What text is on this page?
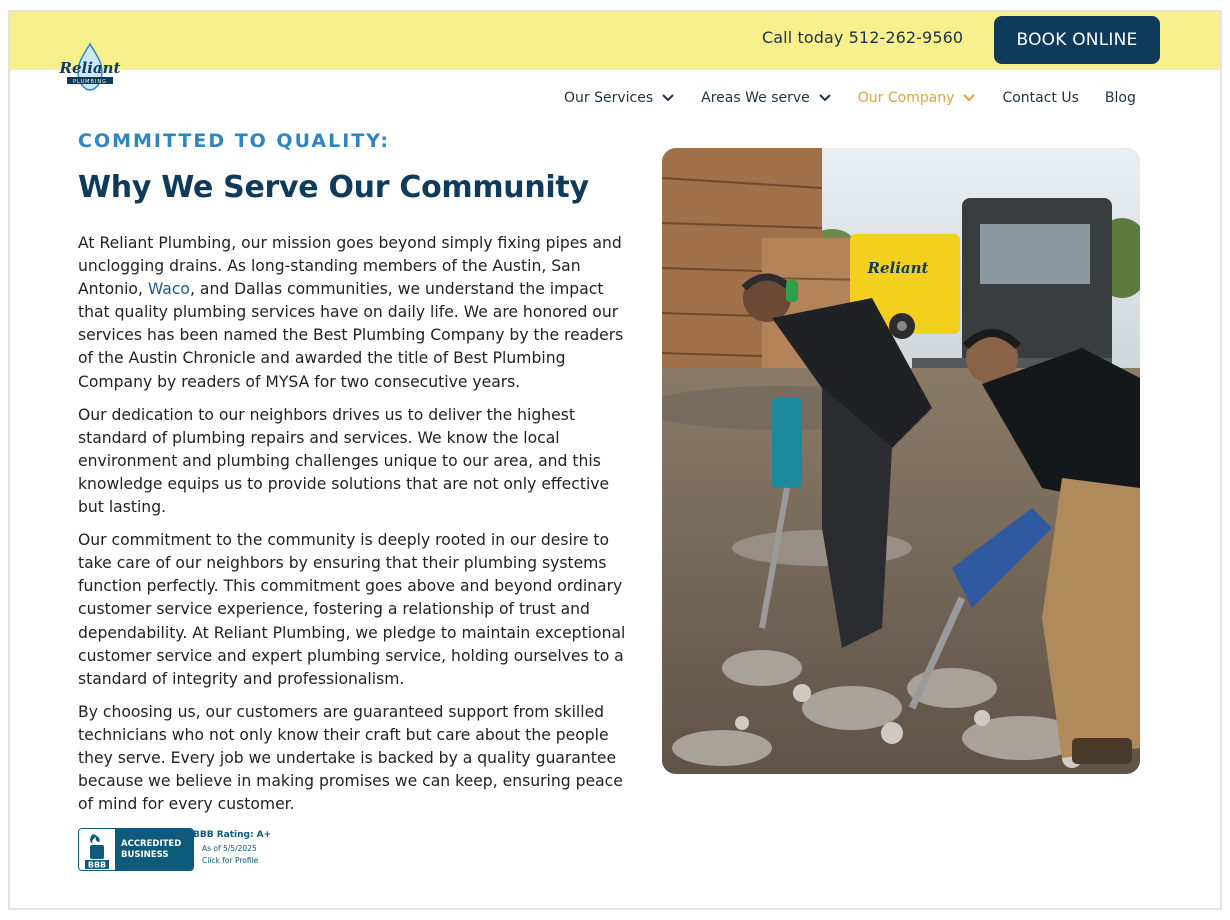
Call today 512-262-9560	BOOK ONLINE
Reliant
PLUMBING
Our Services	Areas We serve	Our Company	Contact Us Blog
COMMITTED TO QUALITY:
Why We Serve Our Community

At Reliant Plumbing, our mission goes beyond simply fixing pipes and unclogging drains. As long-standing members of the Austin, San Antonio, Waco, and Dallas communities, we understand the impact that quality plumbing services have on daily life. We are honored our services has been named the Best Plumbing Company by the readers of the Austin Chronicle and awarded the title of Best Plumbing Company by readers of MYSA for two consecutive years.

Our dedication to our neighbors drives us to deliver the highest standard of plumbing repairs and services. We know the local environment and plumbing challenges unique to our area, and this knowledge equips us to provide solutions that are not only effective but lasting.

Our commitment to the community is deeply rooted in our desire to take care of our neighbors by ensuring that their plumbing systems function perfectly. This commitment goes above and beyond ordinary customer service experience, fostering a relationship of trust and dependability. At Reliant Plumbing, we pledge to maintain exceptional customer service and expert plumbing service, holding ourselves to a standard of integrity and professionalism.

By choosing us, our customers are guaranteed support from skilled technicians who not only know their craft but care about the people they serve. Every job we undertake is backed by a quality guarantee because we believe in making promises we can keep, ensuring peace of mind for every customer.

BBB
ACCREDITED
BUSINESS
®
BBB Rating: A+
As of 5/5/2025
Click for Profile
Reliant
